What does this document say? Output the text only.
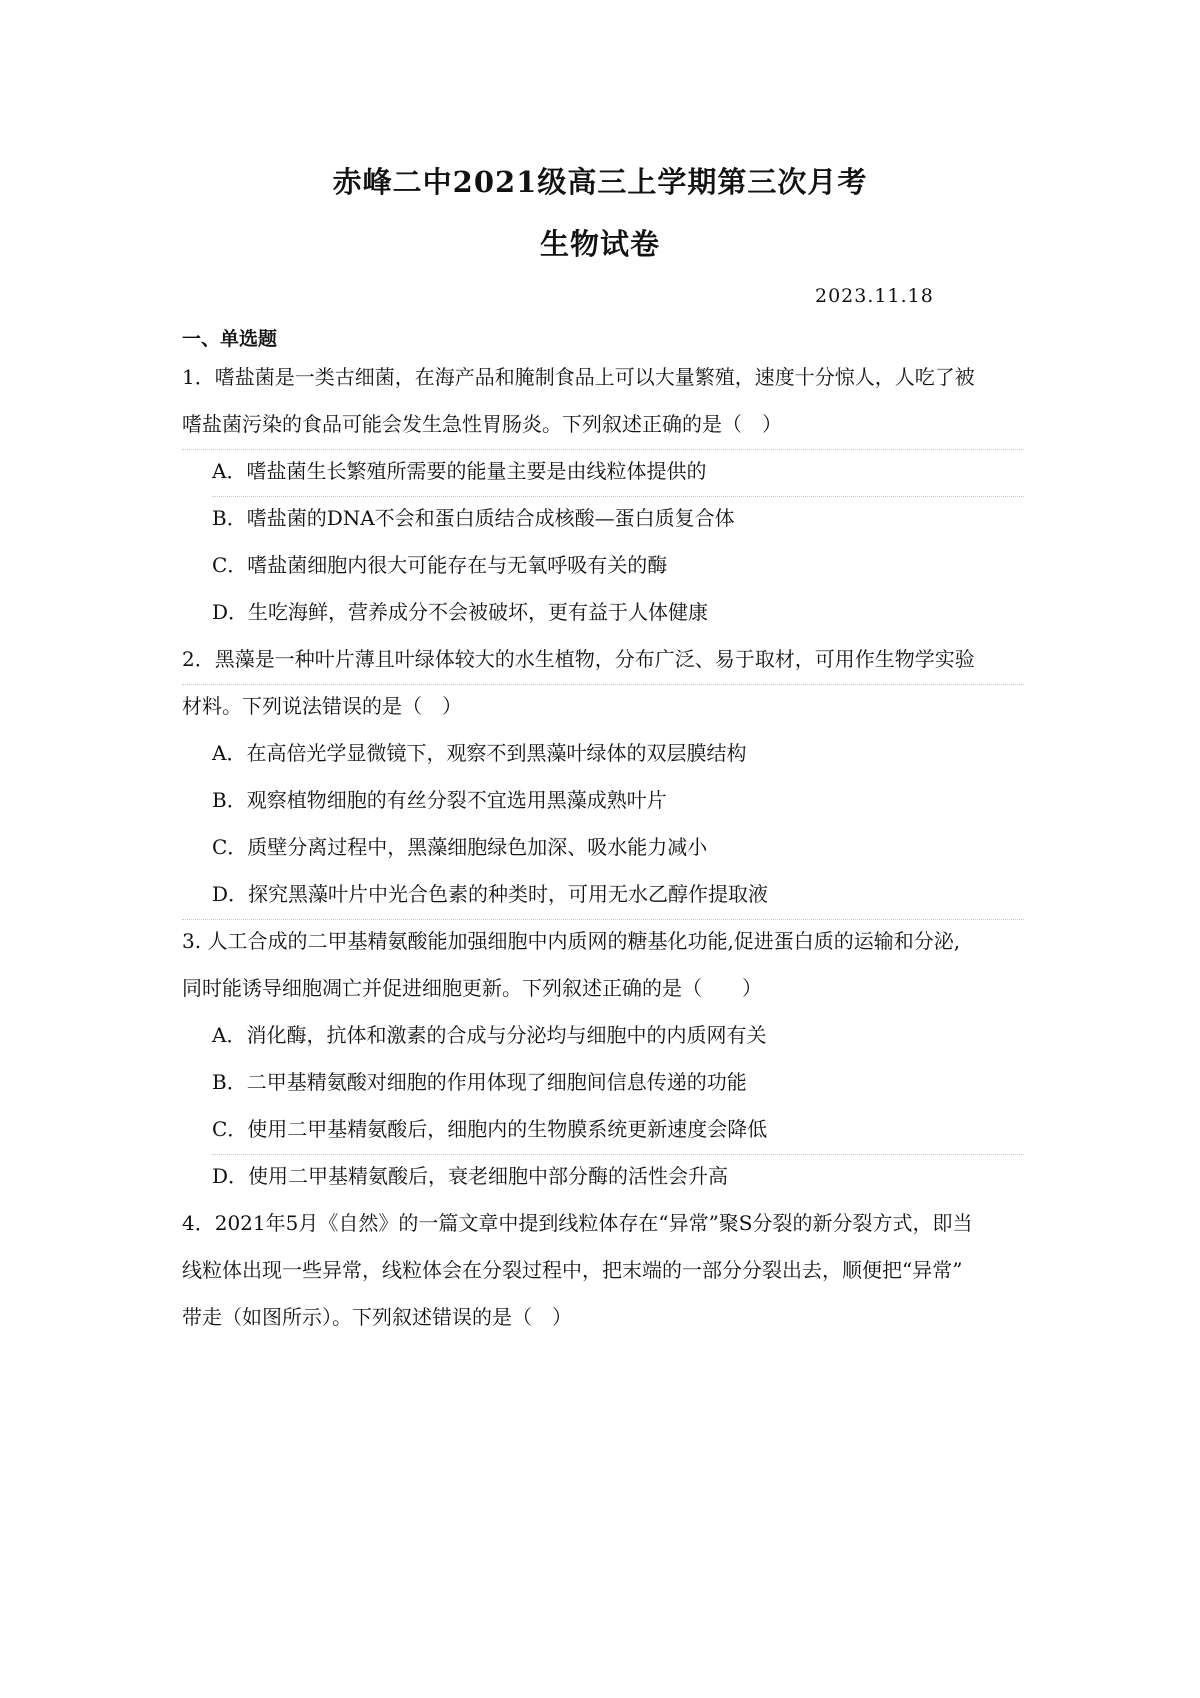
赤峰二中2021级高三上学期第三次月考
生物试卷
2023.11.18
一、单选题
1．嗜盐菌是一类古细菌，在海产品和腌制食品上可以大量繁殖，速度十分惊人，人吃了被
嗜盐菌污染的食品可能会发生急性胃肠炎。下列叙述正确的是（　）
A．嗜盐菌生长繁殖所需要的能量主要是由线粒体提供的
B．嗜盐菌的DNA不会和蛋白质结合成核酸—蛋白质复合体
C．嗜盐菌细胞内很大可能存在与无氧呼吸有关的酶
D．生吃海鲜，营养成分不会被破坏，更有益于人体健康
2．黑藻是一种叶片薄且叶绿体较大的水生植物，分布广泛、易于取材，可用作生物学实验
材料。下列说法错误的是（　）
A．在高倍光学显微镜下，观察不到黑藻叶绿体的双层膜结构
B．观察植物细胞的有丝分裂不宜选用黑藻成熟叶片
C．质壁分离过程中，黑藻细胞绿色加深、吸水能力减小
D．探究黑藻叶片中光合色素的种类时，可用无水乙醇作提取液
3. 人工合成的二甲基精氨酸能加强细胞中内质网的糖基化功能,促进蛋白质的运输和分泌,
同时能诱导细胞凋亡并促进细胞更新。下列叙述正确的是（　　）
A．消化酶，抗体和激素的合成与分泌均与细胞中的内质网有关
B．二甲基精氨酸对细胞的作用体现了细胞间信息传递的功能
C．使用二甲基精氨酸后，细胞内的生物膜系统更新速度会降低
D．使用二甲基精氨酸后，衰老细胞中部分酶的活性会升高
4．2021年5月《自然》的一篇文章中提到线粒体存在“异常”聚S分裂的新分裂方式，即当
线粒体出现一些异常，线粒体会在分裂过程中，把末端的一部分分裂出去，顺便把“异常”
带走（如图所示）。下列叙述错误的是（　）
